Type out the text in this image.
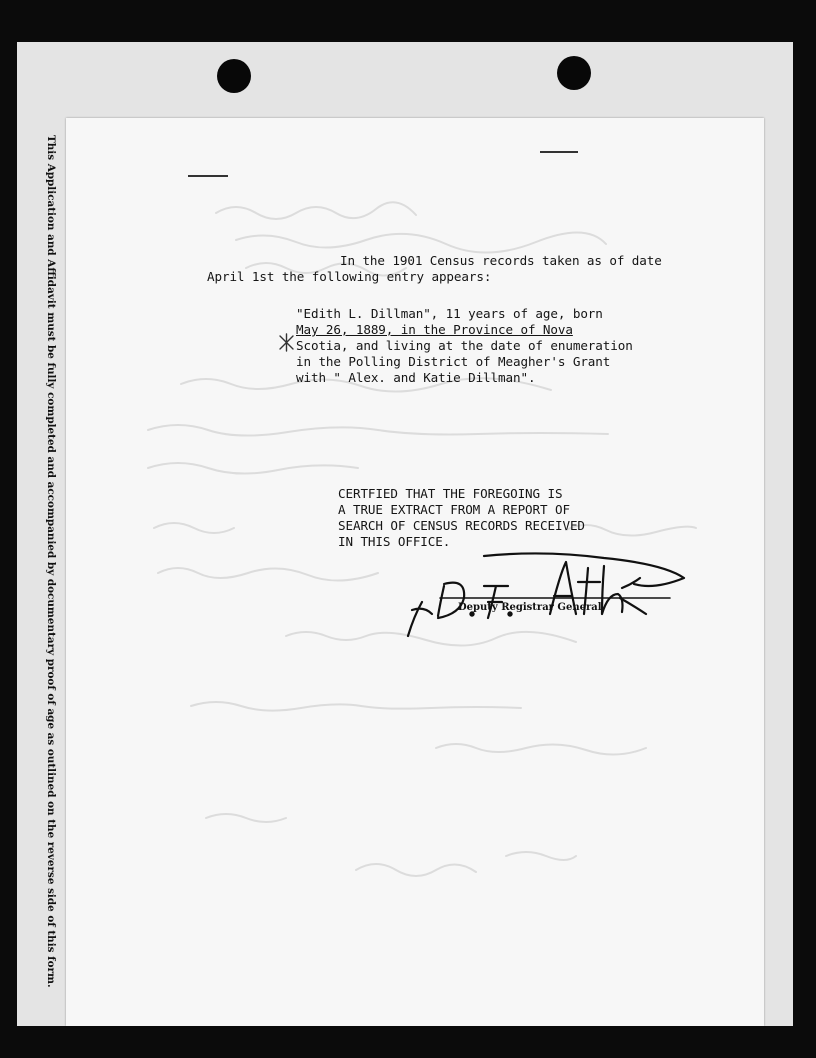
This Application and Affidavit must be fully completed and accompanied by documentary proof of age as outlined on the reverse side of this form.	In the 1901 Census records taken as of date
April 1st the following entry appears:
"Edith L. Dillman", 11 years of age, born
May 26, 1889, in the Province of Nova
Scotia, and living at the date of enumeration
in the Polling District of Meagher's Grant
with " Alex. and Katie Dillman".
CERTFIED THAT THE FOREGOING IS
A TRUE EXTRACT FROM A REPORT OF
SEARCH OF CENSUS RECORDS RECEIVED
IN THIS OFFICE.
Deputy Registrar General
